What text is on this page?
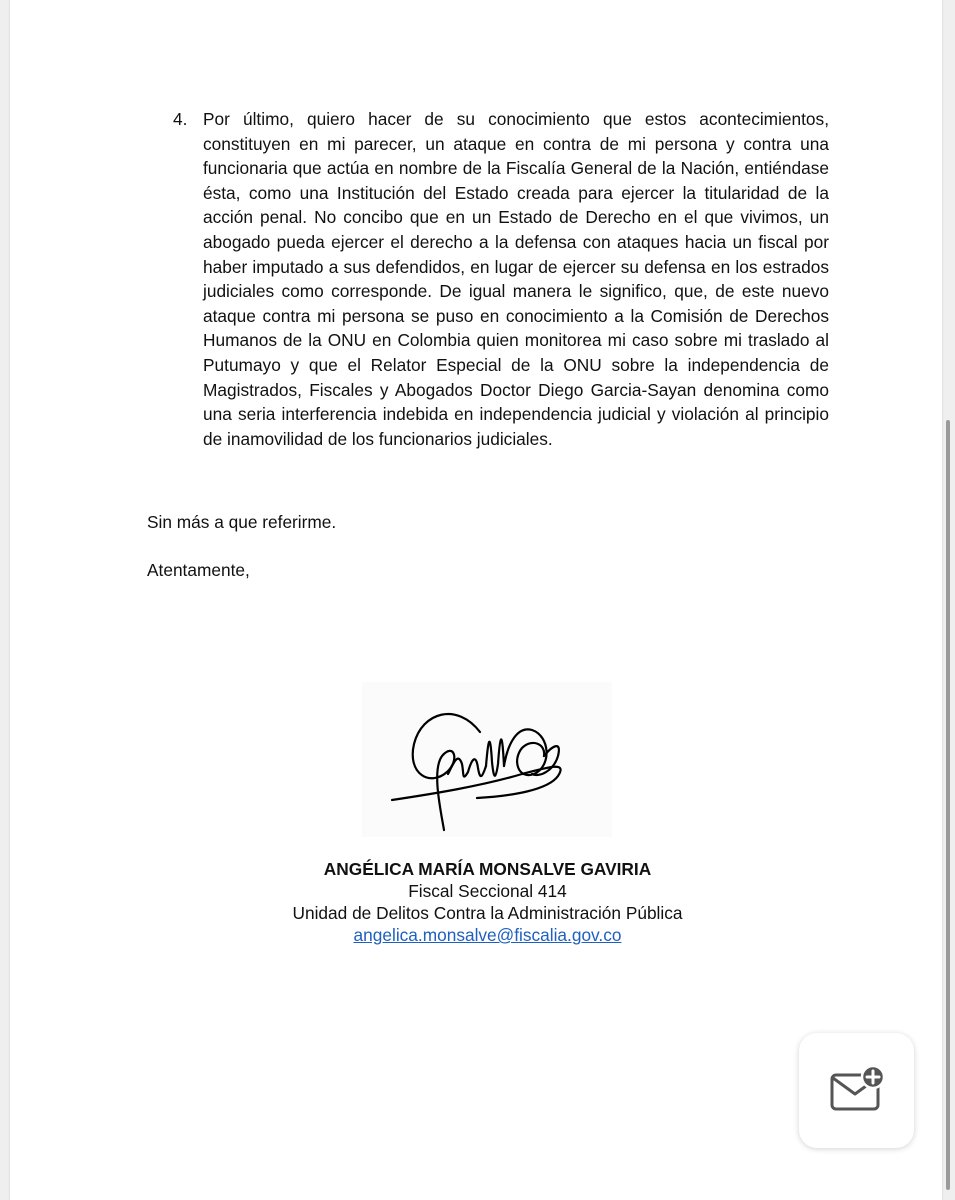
4. Por último, quiero hacer de su conocimiento que estos acontecimientos, constituyen en mi parecer, un ataque en contra de mi persona y contra una funcionaria que actúa en nombre de la Fiscalía General de la Nación, entiéndase ésta, como una Institución del Estado creada para ejercer la titularidad de la acción penal. No concibo que en un Estado de Derecho en el que vivimos, un abogado pueda ejercer el derecho a la defensa con ataques hacia un fiscal por haber imputado a sus defendidos, en lugar de ejercer su defensa en los estrados judiciales como corresponde. De igual manera le significo, que, de este nuevo ataque contra mi persona se puso en conocimiento a la Comisión de Derechos Humanos de la ONU en Colombia quien monitorea mi caso sobre mi traslado al Putumayo y que el Relator Especial de la ONU sobre la independencia de Magistrados, Fiscales y Abogados Doctor Diego Garcia-Sayan denomina como una seria interferencia indebida en independencia judicial y violación al principio de inamovilidad de los funcionarios judiciales.
Sin más a que referirme.
Atentamente,
ANGÉLICA MARÍA MONSALVE GAVIRIA
Fiscal Seccional 414
Unidad de Delitos Contra la Administración Pública
angelica.monsalve@fiscalia.gov.co
